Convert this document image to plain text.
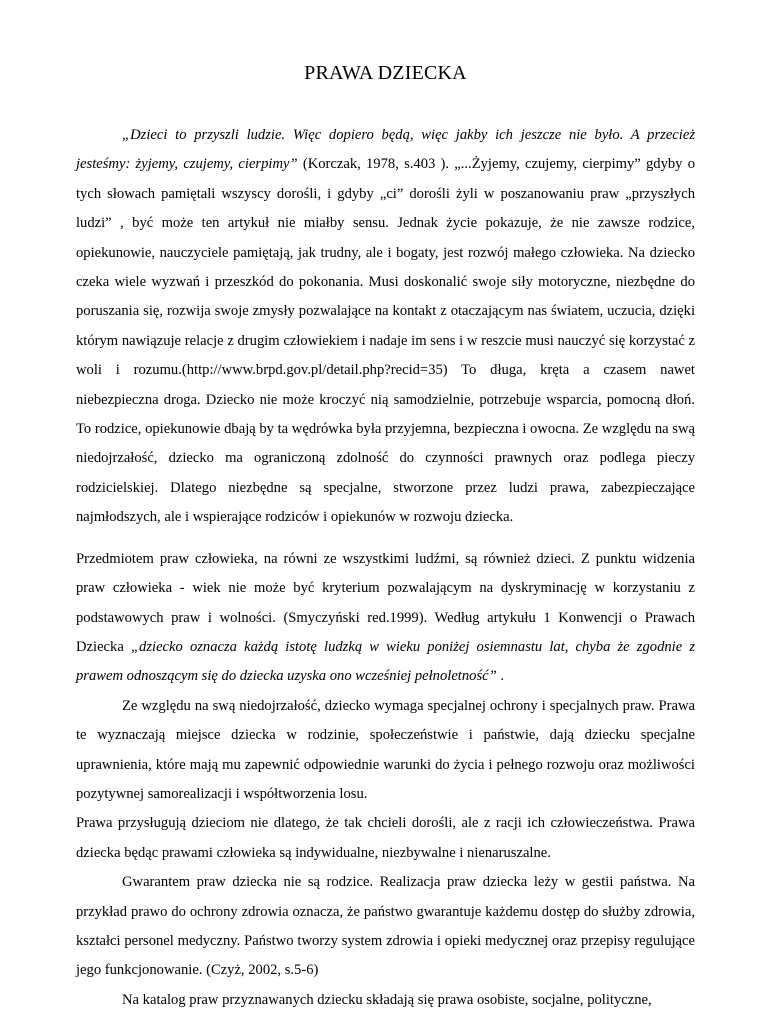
PRAWA DZIECKA

„Dzieci to przyszli ludzie. Więc dopiero będą, więc jakby ich jeszcze nie było. A przecież jesteśmy: żyjemy, czujemy, cierpimy” (Korczak, 1978, s.403 ). „...Żyjemy, czujemy, cierpimy” gdyby o tych słowach pamiętali wszyscy dorośli, i gdyby „ci” dorośli żyli w poszanowaniu praw „przyszłych ludzi” , być może ten artykuł nie miałby sensu. Jednak życie pokazuje, że nie zawsze rodzice, opiekunowie, nauczyciele pamiętają, jak trudny, ale i bogaty, jest rozwój małego człowieka. Na dziecko czeka wiele wyzwań i przeszkód do pokonania. Musi doskonalić swoje siły motoryczne, niezbędne do poruszania się, rozwija swoje zmysły pozwalające na kontakt z otaczającym nas światem, uczucia, dzięki którym nawiązuje relacje z drugim człowiekiem i nadaje im sens i w reszcie musi nauczyć się korzystać z woli i rozumu.(http://www.brpd.gov.pl/detail.php?recid=35) To długa, kręta a czasem nawet niebezpieczna droga. Dziecko nie może kroczyć nią samodzielnie, potrzebuje wsparcia, pomocną dłoń. To rodzice, opiekunowie dbają by ta wędrówka była przyjemna, bezpieczna i owocna. Ze względu na swą niedojrzałość, dziecko ma ograniczoną zdolność do czynności prawnych oraz podlega pieczy rodzicielskiej. Dlatego niezbędne są specjalne, stworzone przez ludzi prawa, zabezpieczające najmłodszych, ale i wspierające rodziców i opiekunów w rozwoju dziecka.

Przedmiotem praw człowieka, na równi ze wszystkimi ludźmi, są również dzieci. Z punktu widzenia praw człowieka - wiek nie może być kryterium pozwalającym na dyskryminację w korzystaniu z podstawowych praw i wolności. (Smyczyński red.1999). Według artykułu 1 Konwencji o Prawach Dziecka „dziecko oznacza każdą istotę ludzką w wieku poniżej osiemnastu lat, chyba że zgodnie z prawem odnoszącym się do dziecka uzyska ono wcześniej pełnoletność” .

Ze względu na swą niedojrzałość, dziecko wymaga specjalnej ochrony i specjalnych praw. Prawa te wyznaczają miejsce dziecka w rodzinie, społeczeństwie i państwie, dają dziecku specjalne uprawnienia, które mają mu zapewnić odpowiednie warunki do życia i pełnego rozwoju oraz możliwości pozytywnej samorealizacji i współtworzenia losu.

Prawa przysługują dzieciom nie dlatego, że tak chcieli dorośli, ale z racji ich człowieczeństwa. Prawa dziecka będąc prawami człowieka są indywidualne, niezbywalne i nienaruszalne.

Gwarantem praw dziecka nie są rodzice. Realizacja praw dziecka leży w gestii państwa. Na przykład prawo do ochrony zdrowia oznacza, że państwo gwarantuje każdemu dostęp do służby zdrowia, kształci personel medyczny. Państwo tworzy system zdrowia i opieki medycznej oraz przepisy regulujące jego funkcjonowanie. (Czyż, 2002, s.5-6)

Na katalog praw przyznawanych dziecku składają się prawa osobiste, socjalne, polityczne,
